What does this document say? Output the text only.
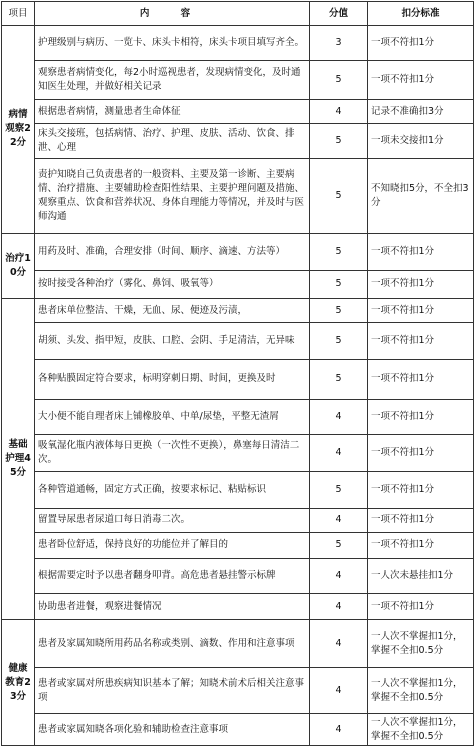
项目	内 容	分值	扣分标准
病情观察22分	护理级别与病历、一览卡、床头卡相符，床头卡项目填写齐全。	3	一项不符扣1分
	观察患者病情变化，每2小时巡视患者，发现病情变化，及时通知医生处理，并做好相关记录	5	一项不符扣1分
	根据患者病情，测量患者生命体征	4	记录不准确扣3分
	床头交接班，包括病情、治疗、护理、皮肤、活动、饮食、排泄、心理	5	一项未交接扣1分
	责护知晓自己负责患者的一般资料、主要及第一诊断、主要病情、治疗措施、主要辅助检查阳性结果、主要护理问题及措施、观察重点、饮食和营养状况、身体自理能力等情况，并及时与医师沟通	5	不知晓扣5分，不全扣3分
治疗10分	用药及时、准确，合理安排（时间、顺序、滴速、方法等）	5	一项不符扣1分
	按时接受各种治疗（雾化、鼻饲、吸氧等）	5	一项不符扣1分
基础护理45分	患者床单位整洁、干燥，无血、尿、便迹及污渍，	5	一项不符扣1分
	胡须、头发、指甲短，皮肤、口腔、会阴、手足清洁，无异味	5	一项不符扣1分
	各种贴膜固定符合要求，标明穿刺日期、时间，更换及时	5	一项不符扣1分
	大小便不能自理者床上铺橡胶单、中单/尿垫，平整无渣屑	4	一项不符扣1分
	吸氧湿化瓶内液体每日更换（一次性不更换），鼻塞每日清洁二次。	4	一项不符扣1分
	各种管道通畅，固定方式正确，按要求标记、粘贴标识	5	一项不符扣1分
	留置导尿患者尿道口每日消毒二次。	4	一项不符扣1分
	患者卧位舒适，保持良好的功能位并了解目的	5	一项不符扣1分
	根据需要定时予以患者翻身叩背。高危患者悬挂警示标牌	4	一人次未悬挂扣1分
	协助患者进餐，观察进餐情况	4	一项不符扣1分
健康教育23分	患者及家属知晓所用药品名称或类别、滴数、作用和注意事项	4	一人次不掌握扣1分，掌握不全扣0.5分
	患者或家属对所患疾病知识基本了解；知晓术前术后相关注意事项	4	一人次不掌握扣1分，掌握不全扣0.5分
	患者或家属知晓各项化验和辅助检查注意事项	4	一人次不掌握扣1分，掌握不全扣0.5分
